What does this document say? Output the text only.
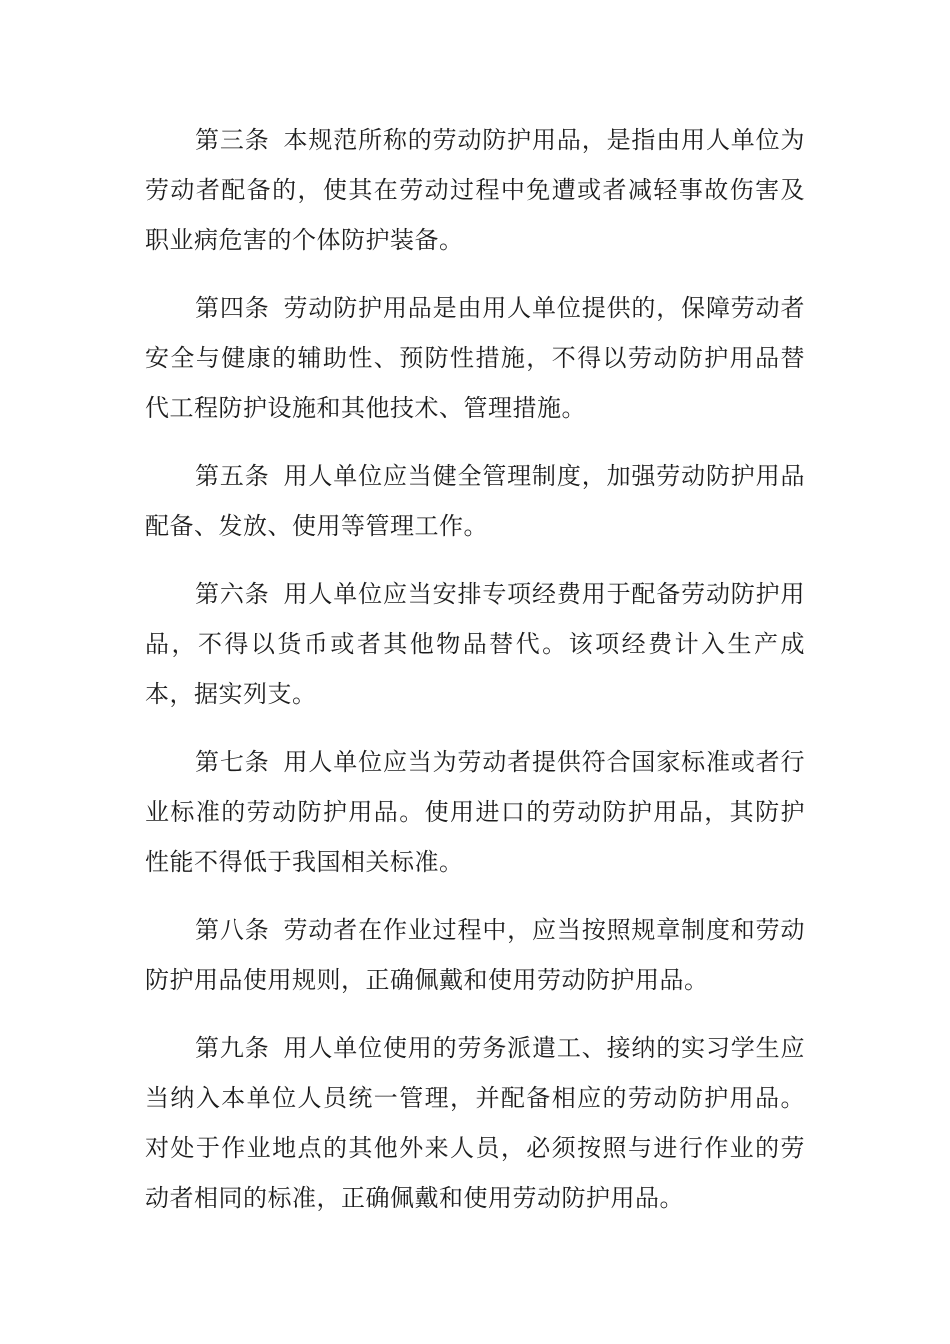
第三条 本规范所称的劳动防护用品，是指由用人单位为劳动者配备的，使其在劳动过程中免遭或者减轻事故伤害及职业病危害的个体防护装备。

第四条 劳动防护用品是由用人单位提供的，保障劳动者安全与健康的辅助性、预防性措施，不得以劳动防护用品替代工程防护设施和其他技术、管理措施。

第五条 用人单位应当健全管理制度，加强劳动防护用品配备、发放、使用等管理工作。

第六条 用人单位应当安排专项经费用于配备劳动防护用品，不得以货币或者其他物品替代。该项经费计入生产成本，据实列支。

第七条 用人单位应当为劳动者提供符合国家标准或者行业标准的劳动防护用品。使用进口的劳动防护用品，其防护性能不得低于我国相关标准。

第八条 劳动者在作业过程中，应当按照规章制度和劳动防护用品使用规则，正确佩戴和使用劳动防护用品。

第九条 用人单位使用的劳务派遣工、接纳的实习学生应当纳入本单位人员统一管理，并配备相应的劳动防护用品。对处于作业地点的其他外来人员，必须按照与进行作业的劳动者相同的标准，正确佩戴和使用劳动防护用品。
